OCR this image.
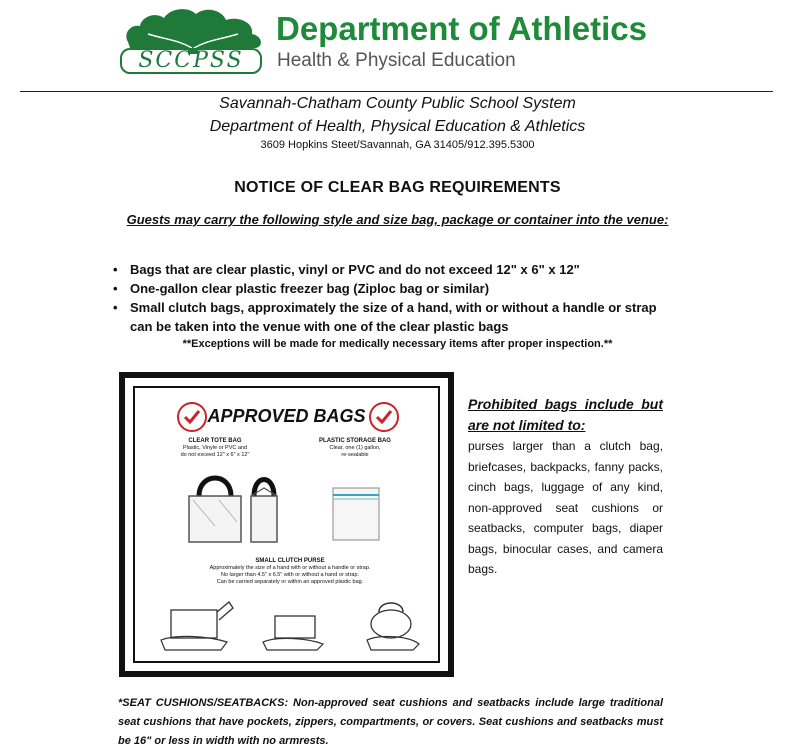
SCCPSS
Department of Athletics
Health & Physical Education
Savannah-Chatham County Public School System
Department of Health, Physical Education & Athletics
3609 Hopkins Steet/Savannah, GA 31405/912.395.5300
NOTICE OF CLEAR BAG REQUIREMENTS
Guests may carry the following style and size bag, package or container into the venue:
• Bags that are clear plastic, vinyl or PVC and do not exceed 12" x 6" x 12"
• One-gallon clear plastic freezer bag (Ziploc bag or similar)
• Small clutch bags, approximately the size of a hand, with or without a handle or strap can be taken into the venue with one of the clear plastic bags
**Exceptions will be made for medically necessary items after proper inspection.**
APPROVED BAGS
CLEAR TOTE BAG
Plastic, Vinyle or PVC and
do not exceed 12" x 6" x 12"
PLASTIC STORAGE BAG
Clear, one (1) gallon,
re-sealable
SMALL CLUTCH PURSE
Approximately the size of a hand with or without a handle or strap.
No larger than 4.5" x 6.5" with or without a hand or strap.
Can be carried separately or within an approved plastic bag.
Prohibited bags include but are not limited to:
purses larger than a clutch bag, briefcases, backpacks, fanny packs, cinch bags, luggage of any kind, non-approved seat cushions or seatbacks, computer bags, diaper bags, binocular cases, and camera bags.
*SEAT CUSHIONS/SEATBACKS: Non-approved seat cushions and seatbacks include large traditional seat cushions that have pockets, zippers, compartments, or covers. Seat cushions and seatbacks must be 16" or less in width with no armrests.
